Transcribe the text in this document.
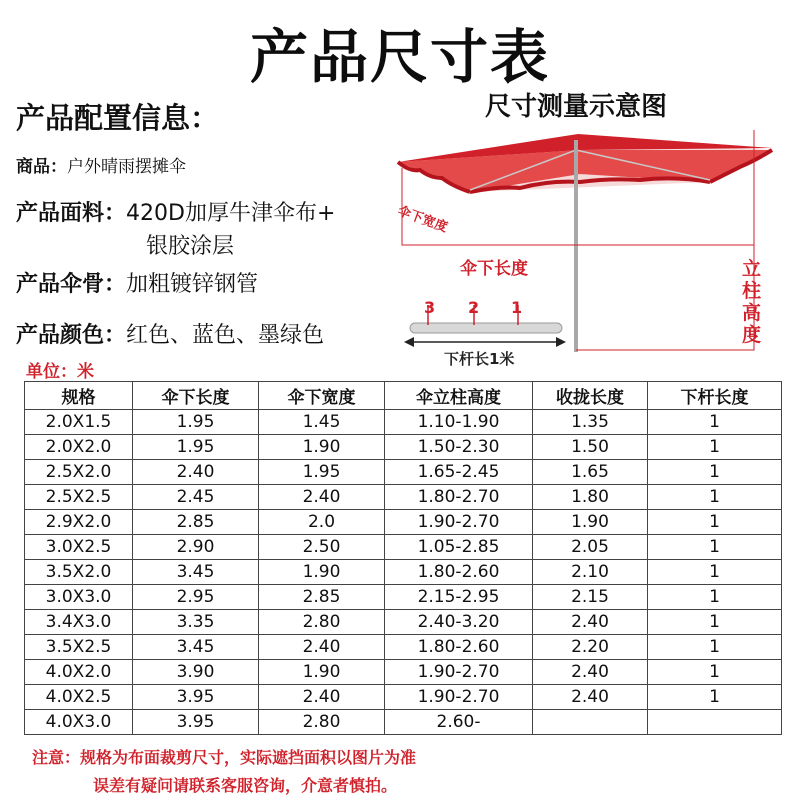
产品尺寸表
产品配置信息：
商品：户外晴雨摆摊伞
产品面料：420D加厚牛津伞布+
银胶涂层
产品伞骨：加粗镀锌钢管
产品颜色：红色、蓝色、墨绿色
单位：米
尺寸测量示意图
伞下宽度
伞下长度	立柱高度
3 2 1
下杆长1米
规格	伞下长度	伞下宽度	伞立柱高度	收拢长度	下杆长度
2.0X1.5	1.95	1.45	1.10-1.90	1.35	1
2.0X2.0	1.95	1.90	1.50-2.30	1.50	1
2.5X2.0	2.40	1.95	1.65-2.45	1.65	1
2.5X2.5	2.45	2.40	1.80-2.70	1.80	1
2.9X2.0	2.85	2.0	1.90-2.70	1.90	1
3.0X2.5	2.90	2.50	1.05-2.85	2.05	1
3.5X2.0	3.45	1.90	1.80-2.60	2.10	1
3.0X3.0	2.95	2.85	2.15-2.95	2.15	1
3.4X3.0	3.35	2.80	2.40-3.20	2.40	1
3.5X2.5	3.45	2.40	1.80-2.60	2.20	1
4.0X2.0	3.90	1.90	1.90-2.70	2.40	1
4.0X2.5	3.95	2.40	1.90-2.70	2.40	1
4.0X3.0	3.95	2.80	2.60-		
注意：规格为布面裁剪尺寸，实际遮挡面积以图片为准
误差有疑问请联系客服咨询，介意者慎拍。
